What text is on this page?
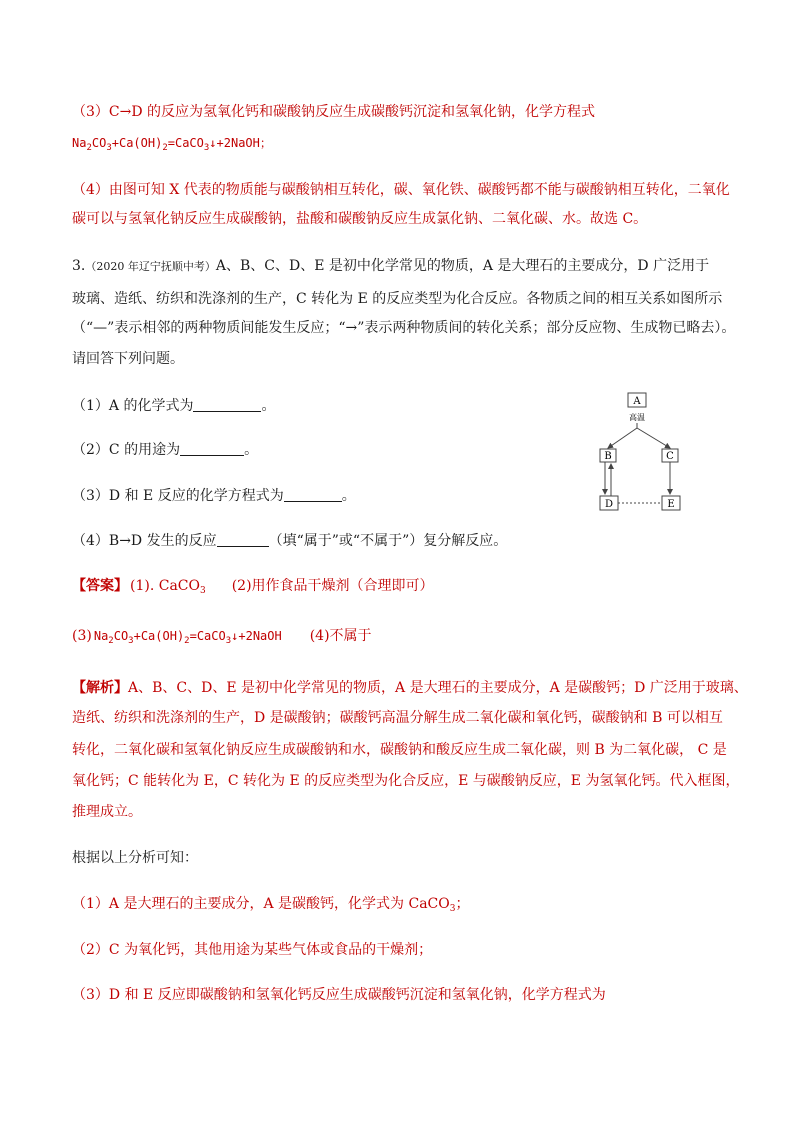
（3）C→D 的反应为氢氧化钙和碳酸钠反应生成碳酸钙沉淀和氢氧化钠，化学方程式
$Na_2CO_3+Ca(OH)_2=CaCO_3↓+2NaOH$；
（4）由图可知 X 代表的物质能与碳酸钠相互转化，碳、氧化铁、碳酸钙都不能与碳酸钠相互转化，二氧化
碳可以与氢氧化钠反应生成碳酸钠，盐酸和碳酸钠反应生成氯化钠、二氧化碳、水。故选 C。
3.（2020 年辽宁抚顺中考）A、B、C、D、E 是初中化学常见的物质，A 是大理石的主要成分，D 广泛用于
玻璃、造纸、纺织和洗涤剂的生产，C 转化为 E 的反应类型为化合反应。各物质之间的相互关系如图所示
（“—”表示相邻的两种物质间能发生反应；“→”表示两种物质间的转化关系；部分反应物、生成物已略去）。
请回答下列问题。
（1）A 的化学式为	。
（2）C 的用途为	。
（3）D 和 E 反应的化学方程式为	。
（4）B→D 发生的反应	（填“属于”或“不属于”）复分解反应。
A
高温
B	C
D	E
【答案】 (1). CaCO$_3$ (2)用作食品干燥剂（合理即可）
(3) $Na_2CO_3+Ca(OH)_2=CaCO_3↓+2NaOH$ (4)不属于
【解析】A、B、C、D、E 是初中化学常见的物质，A 是大理石的主要成分，A 是碳酸钙；D 广泛用于玻璃、
造纸、纺织和洗涤剂的生产，D 是碳酸钠；碳酸钙高温分解生成二氧化碳和氧化钙，碳酸钠和 B 可以相互
转化，二氧化碳和氢氧化钠反应生成碳酸钠和水，碳酸钠和酸反应生成二氧化碳，则 B 为二氧化碳， C 是
氧化钙；C 能转化为 E，C 转化为 E 的反应类型为化合反应，E 与碳酸钠反应，E 为氢氧化钙。代入框图，
推理成立。
根据以上分析可知：
（1）A 是大理石的主要成分，A 是碳酸钙，化学式为 CaCO$_3$；
（2）C 为氧化钙，其他用途为某些气体或食品的干燥剂；
（3）D 和 E 反应即碳酸钠和氢氧化钙反应生成碳酸钙沉淀和氢氧化钠，化学方程式为
